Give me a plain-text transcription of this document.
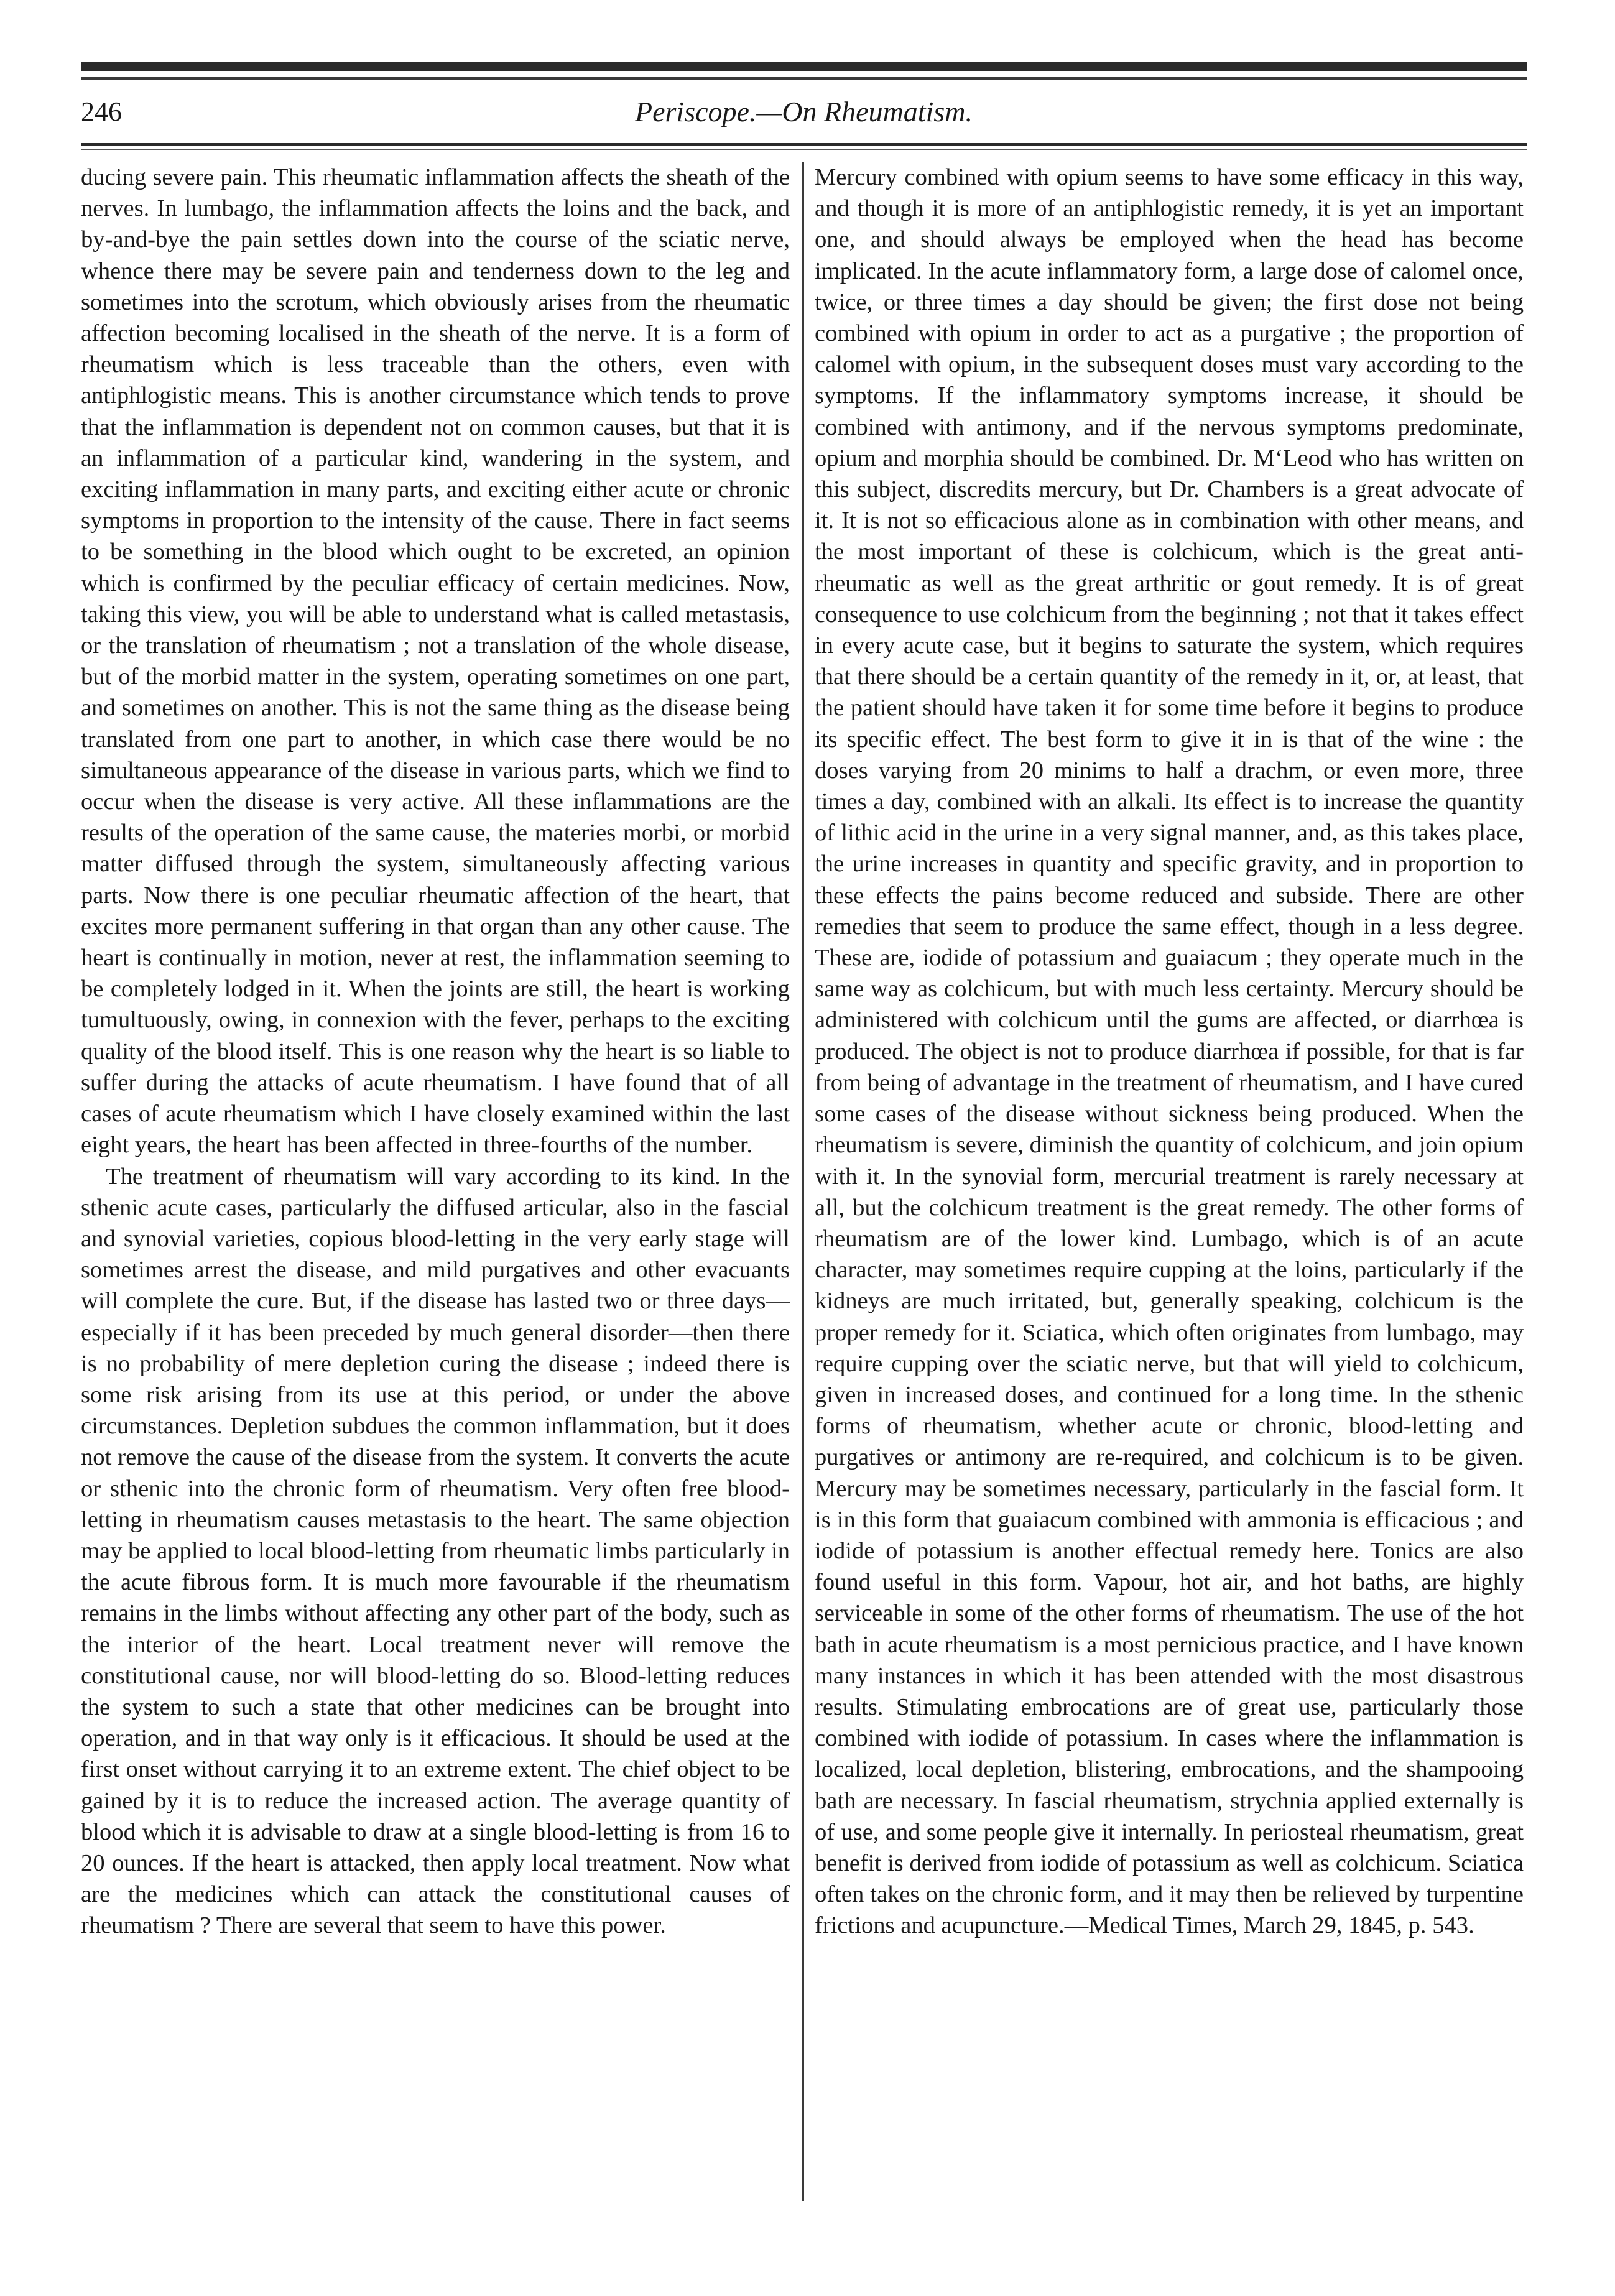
246	Periscope.—On Rheumatism.

ducing severe pain. This rheumatic inflammation affects the sheath of the nerves. In lumbago, the inflammation affects the loins and the back, and by-and-bye the pain settles down into the course of the sciatic nerve, whence there may be severe pain and tenderness down to the leg and sometimes into the scrotum, which obviously arises from the rheumatic affection becoming localised in the sheath of the nerve. It is a form of rheumatism which is less traceable than the others, even with antiphlogistic means. This is another circumstance which tends to prove that the inflammation is dependent not on common causes, but that it is an inflammation of a particular kind, wandering in the system, and exciting inflammation in many parts, and exciting either acute or chronic symptoms in proportion to the intensity of the cause. There in fact seems to be something in the blood which ought to be excreted, an opinion which is confirmed by the peculiar efficacy of certain medicines. Now, taking this view, you will be able to understand what is called metastasis, or the translation of rheumatism ; not a translation of the whole disease, but of the morbid matter in the system, operating sometimes on one part, and sometimes on another. This is not the same thing as the disease being translated from one part to another, in which case there would be no simultaneous appearance of the disease in various parts, which we find to occur when the disease is very active. All these inflammations are the results of the operation of the same cause, the materies morbi, or morbid matter diffused through the system, simultaneously affecting various parts. Now there is one peculiar rheumatic affection of the heart, that excites more permanent suffering in that organ than any other cause. The heart is continually in motion, never at rest, the inflammation seeming to be completely lodged in it. When the joints are still, the heart is working tumultuously, owing, in connexion with the fever, perhaps to the exciting quality of the blood itself. This is one reason why the heart is so liable to suffer during the attacks of acute rheumatism. I have found that of all cases of acute rheumatism which I have closely examined within the last eight years, the heart has been affected in three-fourths of the number.

The treatment of rheumatism will vary according to its kind. In the sthenic acute cases, particularly the diffused articular, also in the fascial and synovial varieties, copious blood-letting in the very early stage will sometimes arrest the disease, and mild purgatives and other evacuants will complete the cure. But, if the disease has lasted two or three days—especially if it has been preceded by much general disorder—then there is no probability of mere depletion curing the disease ; indeed there is some risk arising from its use at this period, or under the above circumstances. Depletion subdues the common inflammation, but it does not remove the cause of the disease from the system. It converts the acute or sthenic into the chronic form of rheumatism. Very often free blood-letting in rheumatism causes metastasis to the heart. The same objection may be applied to local blood-letting from rheumatic limbs particularly in the acute fibrous form. It is much more favourable if the rheumatism remains in the limbs without affecting any other part of the body, such as the interior of the heart. Local treatment never will remove the constitutional cause, nor will blood-letting do so. Blood-letting reduces the system to such a state that other medicines can be brought into operation, and in that way only is it efficacious. It should be used at the first onset without carrying it to an extreme extent. The chief object to be gained by it is to reduce the increased action. The average quantity of blood which it is advisable to draw at a single blood-letting is from 16 to 20 ounces. If the heart is attacked, then apply local treatment. Now what are the medicines which can attack the constitutional causes of rheumatism ? There are several that seem to have this power.

Mercury combined with opium seems to have some efficacy in this way, and though it is more of an antiphlogistic remedy, it is yet an important one, and should always be employed when the head has become implicated. In the acute inflammatory form, a large dose of calomel once, twice, or three times a day should be given; the first dose not being combined with opium in order to act as a purgative ; the proportion of calomel with opium, in the subsequent doses must vary according to the symptoms. If the inflammatory symptoms increase, it should be combined with antimony, and if the nervous symptoms predominate, opium and morphia should be combined. Dr. M‘Leod who has written on this subject, discredits mercury, but Dr. Chambers is a great advocate of it. It is not so efficacious alone as in combination with other means, and the most important of these is colchicum, which is the great anti-rheumatic as well as the great arthritic or gout remedy. It is of great consequence to use colchicum from the beginning ; not that it takes effect in every acute case, but it begins to saturate the system, which requires that there should be a certain quantity of the remedy in it, or, at least, that the patient should have taken it for some time before it begins to produce its specific effect. The best form to give it in is that of the wine : the doses varying from 20 minims to half a drachm, or even more, three times a day, combined with an alkali. Its effect is to increase the quantity of lithic acid in the urine in a very signal manner, and, as this takes place, the urine increases in quantity and specific gravity, and in proportion to these effects the pains become reduced and subside. There are other remedies that seem to produce the same effect, though in a less degree. These are, iodide of potassium and guaiacum ; they operate much in the same way as colchicum, but with much less certainty. Mercury should be administered with colchicum until the gums are affected, or diarrhœa is produced. The object is not to produce diarrhœa if possible, for that is far from being of advantage in the treatment of rheumatism, and I have cured some cases of the disease without sickness being produced. When the rheumatism is severe, diminish the quantity of colchicum, and join opium with it. In the synovial form, mercurial treatment is rarely necessary at all, but the colchicum treatment is the great remedy. The other forms of rheumatism are of the lower kind. Lumbago, which is of an acute character, may sometimes require cupping at the loins, particularly if the kidneys are much irritated, but, generally speaking, colchicum is the proper remedy for it. Sciatica, which often originates from lumbago, may require cupping over the sciatic nerve, but that will yield to colchicum, given in increased doses, and continued for a long time. In the sthenic forms of rheumatism, whether acute or chronic, blood-letting and purgatives or antimony are re-required, and colchicum is to be given. Mercury may be sometimes necessary, particularly in the fascial form. It is in this form that guaiacum combined with ammonia is efficacious ; and iodide of potassium is another effectual remedy here. Tonics are also found useful in this form. Vapour, hot air, and hot baths, are highly serviceable in some of the other forms of rheumatism. The use of the hot bath in acute rheumatism is a most pernicious practice, and I have known many instances in which it has been attended with the most disastrous results. Stimulating embrocations are of great use, particularly those combined with iodide of potassium. In cases where the inflammation is localized, local depletion, blistering, embrocations, and the shampooing bath are necessary. In fascial rheumatism, strychnia applied externally is of use, and some people give it internally. In periosteal rheumatism, great benefit is derived from iodide of potassium as well as colchicum. Sciatica often takes on the chronic form, and it may then be relieved by turpentine frictions and acupuncture.—Medical Times, March 29, 1845, p. 543.
